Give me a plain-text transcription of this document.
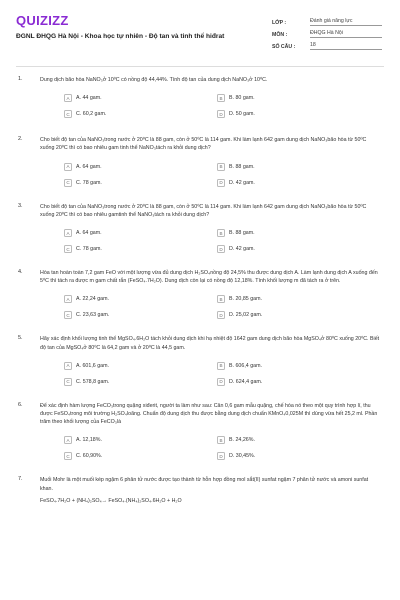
QUIZIZZ
ĐGNL ĐHQG Hà Nội - Khoa học tự nhiên - Độ tan và tinh thể hiđrat
LỚP :	Đánh giá năng lực
MÔN :	ĐHQG Hà Nội
SỐ CÂU :	18
1.	Dung dịch bão hòa NaNO₃ở 10⁰C có nồng độ 44,44%. Tính độ tan của dung dịch NaNO₃ở 10⁰C.
A	A. 44 gam.	B	B. 80 gam.
C	C. 60,2 gam.	D	D. 50 gam.
2.	Cho biết độ tan của NaNO₃trong nước ở 20⁰C là 88 gam, còn ở 50⁰C là 114 gam. Khi làm lạnh 642 gam dung dịch NaNO₃bão hòa từ 50⁰C xuống 20⁰C thì có bao nhiêu gam tinh thể NaNO₃tách ra khỏi dung dịch?
A	A. 64 gam.	B	B. 88 gam.
C	C. 78 gam.	D	D. 42 gam.
3.	Cho biết độ tan của NaNO₃trong nước ở 20⁰C là 88 gam, còn ở 50⁰C là 114 gam. Khi làm lạnh 642 gam dung dịch NaNO₃bão hòa từ 50⁰C xuống 20⁰C thì có bao nhiêu gamtinh thể NaNO₃tách ra khỏi dung dịch?
A	A. 64 gam.	B	B. 88 gam.
C	C. 78 gam.	D	D. 42 gam.
4.	Hòa tan hoàn toàn 7,2 gam FeO với một lượng vừa đủ dung dịch H₂SO₄nồng độ 24,5% thu được dung dịch A. Làm lạnh dung dịch A xuống đến 5⁰C thì tách ra được m gam chất rắn (FeSO₄.7H₂O). Dung dịch còn lại có nồng độ 12,18%. Tính khối lượng m đã tách ra ở trên.
A	A. 22,24 gam.	B	B. 20,85 gam.
C	C. 23,63 gam.	D	D. 25,02 gam.
5.	Hãy xác định khối lượng tinh thể MgSO₄.6H₂O tách khỏi dung dịch khi hạ nhiệt độ 1642 gam dung dịch bão hòa MgSO₄ở 80⁰C xuống 20⁰C. Biết độ tan của MgSO₄ở 80⁰C là 64,2 gam và ở 20⁰C là 44,5 gam.
A	A. 601,6 gam.	B	B. 606,4 gam.
C	C. 578,8 gam.	D	D. 624,4 gam.
6.	Để xác định hàm lượng FeCO₃trong quặng xiđerit, người ta làm như sau: Cân 0,6 gam mẫu quặng, chế hóa nó theo một quy trình hợp lí, thu được FeSO₄trong môi trường H₂SO₄loãng. Chuẩn độ dung dịch thu được bằng dung dịch chuẩn KMnO₄0,025M thì dùng vừa hết 25,2 ml. Phần trăm theo khối lượng của FeCO₃là
A	A. 12,18%.	B	B. 24,26%.
C	C. 60,90%.	D	D. 30,45%.
7.	Muối Mohr là một muối kép ngậm 6 phân tử nước được tạo thành từ hỗn hợp đồng mol sắt(II) sunfat ngậm 7 phân tử nước và amoni sunfat khan.
FeSO₄.7H₂O + (NH₄)₂SO₄→ FeSO₄.(NH₄)₂SO₄.6H₂O + H₂O
